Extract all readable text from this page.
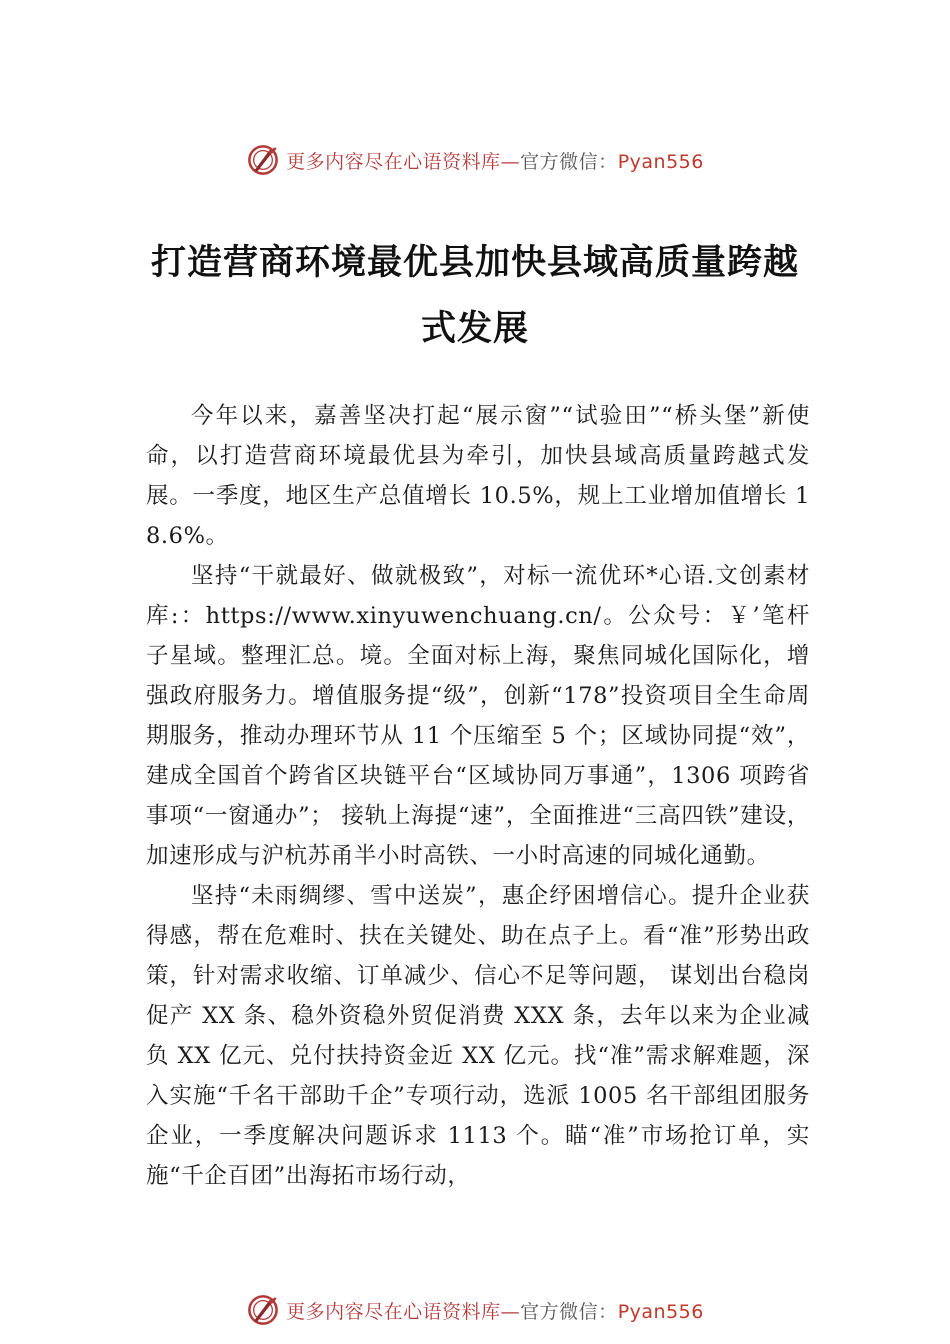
更多内容尽在心语资料库—官方微信：Pyan556
打造营商环境最优县加快县域高质量跨越式发展

今年以来，嘉善坚决打起“展示窗”“试验田”“桥头堡”新使命，以打造营商环境最优县为牵引，加快县域高质量跨越式发展。一季度，地区生产总值增长 10.5%，规上工业增加值增长 18.6%。

坚持“干就最好、做就极致”，对标一流优环*心语.文创素材库:：https://www.xinyuwenchuang.cn/。公众号：￥’笔杆子星域。整理汇总。境。全面对标上海，聚焦同城化国际化，增强政府服务力。增值服务提“级”，创新“178”投资项目全生命周期服务，推动办理环节从 11 个压缩至 5 个；区域协同提“效”，建成全国首个跨省区块链平台“区域协同万事通”，1306 项跨省事项“一窗通办”； 接轨上海提“速”，全面推进“三高四铁”建设，加速形成与沪杭苏甬半小时高铁、一小时高速的同城化通勤。

坚持“未雨绸缪、雪中送炭”，惠企纾困增信心。提升企业获得感，帮在危难时、扶在关键处、助在点子上。看“准”形势出政策，针对需求收缩、订单减少、信心不足等问题， 谋划出台稳岗促产 XX 条、稳外资稳外贸促消费 XXX 条，去年以来为企业减负 XX 亿元、兑付扶持资金近 XX 亿元。找“准”需求解难题，深入实施“千名干部助千企”专项行动，选派 1005 名干部组团服务企业，一季度解决问题诉求 1113 个。瞄“准”市场抢订单，实施“千企百团”出海拓市场行动，

更多内容尽在心语资料库—官方微信：Pyan556
